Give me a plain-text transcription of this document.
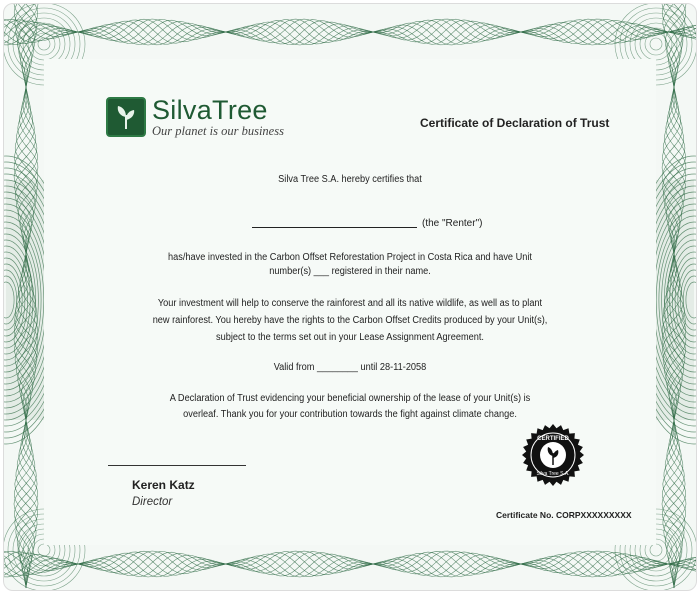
SilvaTree
Our planet is our business
Certificate of Declaration of Trust
Silva Tree S.A. hereby certifies that
(the "Renter")
has/have invested in the Carbon Offset Reforestation Project in Costa Rica and have Unit
number(s) ___ registered in their name.
Your investment will help to conserve the rainforest and all its native wildlife, as well as to plant
new rainforest. You hereby have the rights to the Carbon Offset Credits produced by your Unit(s),
subject to the terms set out in your Lease Assignment Agreement.
Valid from ________ until 28-11-2058
A Declaration of Trust evidencing your beneficial ownership of the lease of your Unit(s) is
overleaf. Thank you for your contribution towards the fight against climate change.
Keren Katz
Director
CERTIFIED
Silva Tree S.A.
Certificate No. CORPXXXXXXXXX
